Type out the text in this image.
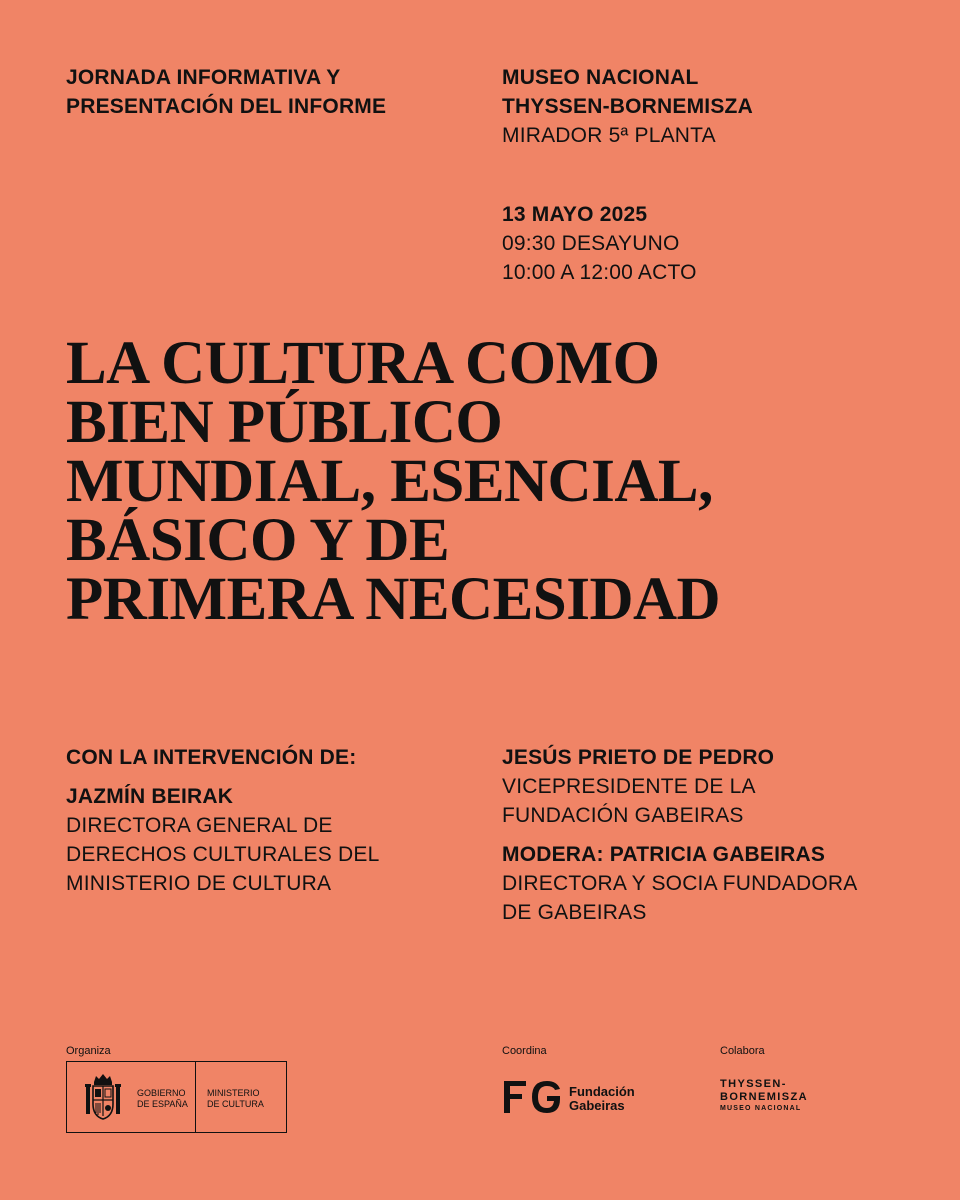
JORNADA INFORMATIVA Y
PRESENTACIÓN DEL INFORME
MUSEO NACIONAL
THYSSEN-BORNEMISZA
MIRADOR 5ª PLANTA
13 MAYO 2025
09:30 DESAYUNO
10:00 A 12:00 ACTO
LA CULTURA COMO
BIEN PÚBLICO
MUNDIAL, ESENCIAL,
BÁSICO Y DE
PRIMERA NECESIDAD
CON LA INTERVENCIÓN DE:
JAZMÍN BEIRAK
DIRECTORA GENERAL DE
DERECHOS CULTURALES DEL
MINISTERIO DE CULTURA
JESÚS PRIETO DE PEDRO
VICEPRESIDENTE DE LA
FUNDACIÓN GABEIRAS
MODERA: PATRICIA GABEIRAS
DIRECTORA Y SOCIA FUNDADORA
DE GABEIRAS
Organiza	Coordina	Colabora
GOBIERNO
DE ESPAÑA
MINISTERIO
DE CULTURA
Fundación
Gabeiras
THYSSEN-
BORNEMISZA
MUSEO NACIONAL
